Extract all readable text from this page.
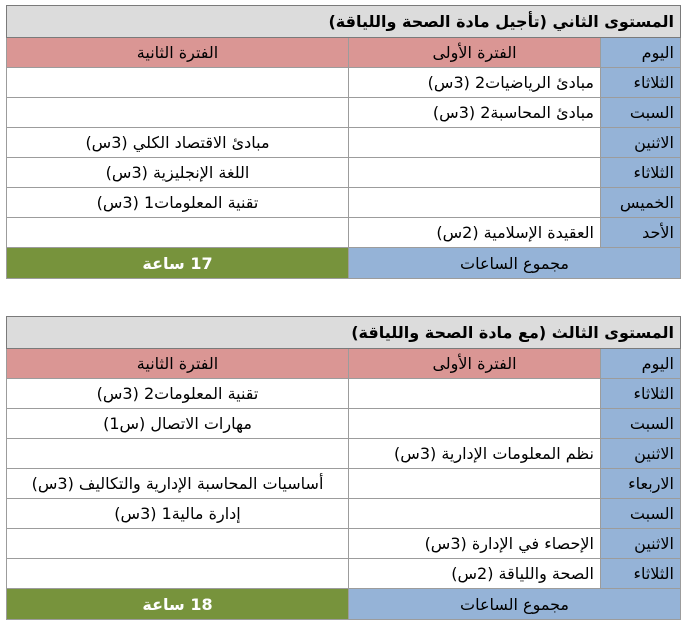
المستوى الثاني (تأجيل مادة الصحة واللياقة)		
اليوم	الفترة الأولى	الفترة الثانية
الثلاثاء	مبادئ الرياضيات2 (3س)	
السبت	مبادئ المحاسبة2 (3س)	
الاثنين		مبادئ الاقتصاد الكلي (3س)
الثلاثاء		اللغة الإنجليزية (3س)
الخميس		تقنية المعلومات1 (3س)
الأحد	العقيدة الإسلامية (2س)	
مجموع الساعات		17 ساعة
المستوى الثالث (مع مادة الصحة واللياقة)		
اليوم	الفترة الأولى	الفترة الثانية
الثلاثاء		تقنية المعلومات2 (3س)
السبت		مهارات الاتصال (س1)
الاثنين	نظم المعلومات الإدارية (3س)	
الاربعاء		أساسيات المحاسبة الإدارية والتكاليف (3س)
السبت		إدارة مالية1 (3س)
الاثنين	الإحصاء في الإدارة (3س)	
الثلاثاء	الصحة واللياقة (2س)	
مجموع الساعات		18 ساعة
